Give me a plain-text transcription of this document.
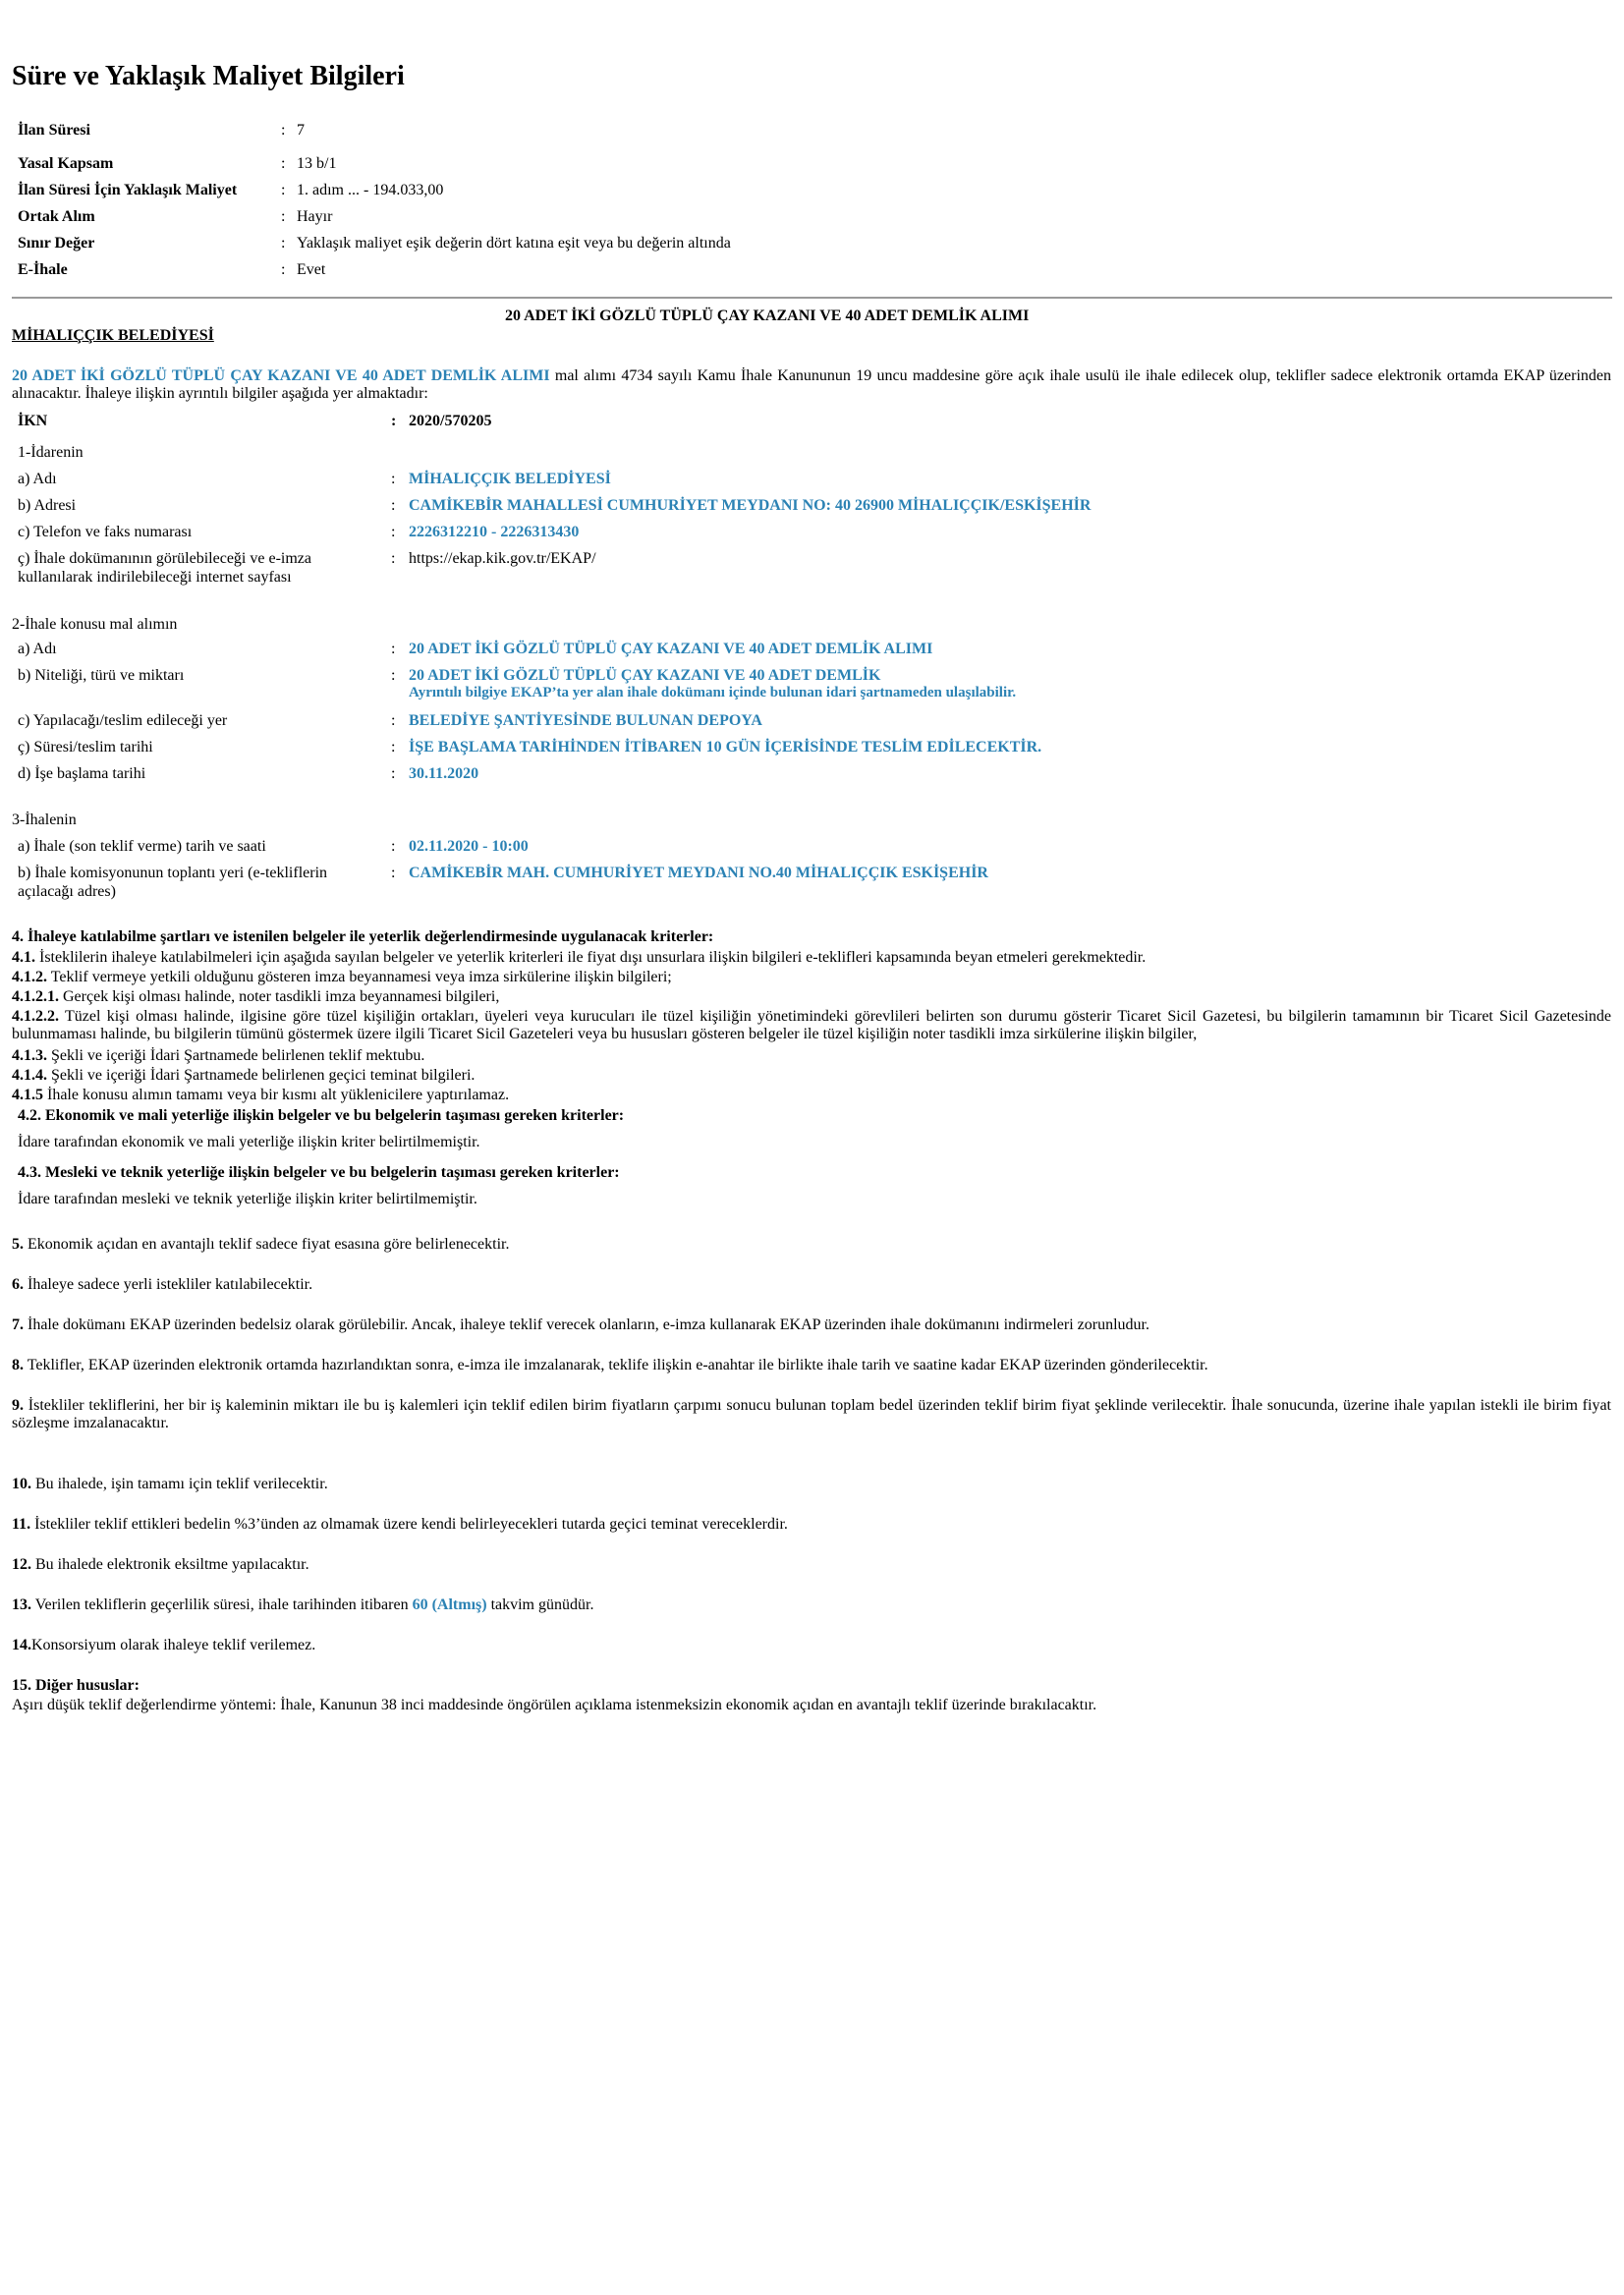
Süre ve Yaklaşık Maliyet Bilgileri
İlan Süresi	: 7
Yasal Kapsam	: 13 b/1
İlan Süresi İçin Yaklaşık Maliyet	: 1. adım ... - 194.033,00
Ortak Alım	: Hayır
Sınır Değer	: Yaklaşık maliyet eşik değerin dört katına eşit veya bu değerin altında
E-İhale	: Evet
20 ADET İKİ GÖZLÜ TÜPLÜ ÇAY KAZANI VE 40 ADET DEMLİK ALIMI
MİHALIÇÇIK BELEDİYESİ
20 ADET İKİ GÖZLÜ TÜPLÜ ÇAY KAZANI VE 40 ADET DEMLİK ALIMI mal alımı 4734 sayılı Kamu İhale Kanununun 19 uncu maddesine göre açık ihale usulü ile ihale edilecek olup, teklifler sadece elektronik ortamda EKAP üzerinden alınacaktır. İhaleye ilişkin ayrıntılı bilgiler aşağıda yer almaktadır:
İKN	: 2020/570205
1-İdarenin
a) Adı	: MİHALIÇÇIK BELEDİYESİ
b) Adresi	: CAMİKEBİR MAHALLESİ CUMHURİYET MEYDANI NO: 40 26900 MİHALIÇÇIK/ESKİŞEHİR
c) Telefon ve faks numarası	: 2226312210 - 2226313430
ç) İhale dokümanının görülebileceği ve e-imza
kullanılarak indirilebileceği internet sayfası
: https://ekap.kik.gov.tr/EKAP/
2-İhale konusu mal alımın
a) Adı	: 20 ADET İKİ GÖZLÜ TÜPLÜ ÇAY KAZANI VE 40 ADET DEMLİK ALIMI
b) Niteliği, türü ve miktarı	: 20 ADET İKİ GÖZLÜ TÜPLÜ ÇAY KAZANI VE 40 ADET DEMLİK
Ayrıntılı bilgiye EKAP’ta yer alan ihale dokümanı içinde bulunan idari şartnameden ulaşılabilir.
c) Yapılacağı/teslim edileceği yer	: BELEDİYE ŞANTİYESİNDE BULUNAN DEPOYA
ç) Süresi/teslim tarihi	: İŞE BAŞLAMA TARİHİNDEN İTİBAREN 10 GÜN İÇERİSİNDE TESLİM EDİLECEKTİR.
d) İşe başlama tarihi	: 30.11.2020
3-İhalenin
a) İhale (son teklif verme) tarih ve saati	: 02.11.2020 - 10:00
b) İhale komisyonunun toplantı yeri (e-tekliflerin
açılacağı adres)
: CAMİKEBİR MAH. CUMHURİYET MEYDANI NO.40 MİHALIÇÇIK ESKİŞEHİR
4. İhaleye katılabilme şartları ve istenilen belgeler ile yeterlik değerlendirmesinde uygulanacak kriterler:
4.1. İsteklilerin ihaleye katılabilmeleri için aşağıda sayılan belgeler ve yeterlik kriterleri ile fiyat dışı unsurlara ilişkin bilgileri e-teklifleri kapsamında beyan etmeleri gerekmektedir.
4.1.2. Teklif vermeye yetkili olduğunu gösteren imza beyannamesi veya imza sirkülerine ilişkin bilgileri;
4.1.2.1. Gerçek kişi olması halinde, noter tasdikli imza beyannamesi bilgileri,
4.1.2.2. Tüzel kişi olması halinde, ilgisine göre tüzel kişiliğin ortakları, üyeleri veya kurucuları ile tüzel kişiliğin yönetimindeki görevlileri belirten son durumu gösterir Ticaret Sicil Gazetesi, bu bilgilerin tamamının bir Ticaret Sicil Gazetesinde bulunmaması halinde, bu bilgilerin tümünü göstermek üzere ilgili Ticaret Sicil Gazeteleri veya bu hususları gösteren belgeler ile tüzel kişiliğin noter tasdikli imza sirkülerine ilişkin bilgiler,
4.1.3. Şekli ve içeriği İdari Şartnamede belirlenen teklif mektubu.
4.1.4. Şekli ve içeriği İdari Şartnamede belirlenen geçici teminat bilgileri.
4.1.5 İhale konusu alımın tamamı veya bir kısmı alt yüklenicilere yaptırılamaz.
4.2. Ekonomik ve mali yeterliğe ilişkin belgeler ve bu belgelerin taşıması gereken kriterler:
İdare tarafından ekonomik ve mali yeterliğe ilişkin kriter belirtilmemiştir.
4.3. Mesleki ve teknik yeterliğe ilişkin belgeler ve bu belgelerin taşıması gereken kriterler:
İdare tarafından mesleki ve teknik yeterliğe ilişkin kriter belirtilmemiştir.
5. Ekonomik açıdan en avantajlı teklif sadece fiyat esasına göre belirlenecektir.
6. İhaleye sadece yerli istekliler katılabilecektir.
7. İhale dokümanı EKAP üzerinden bedelsiz olarak görülebilir. Ancak, ihaleye teklif verecek olanların, e-imza kullanarak EKAP üzerinden ihale dokümanını indirmeleri zorunludur.
8. Teklifler, EKAP üzerinden elektronik ortamda hazırlandıktan sonra, e-imza ile imzalanarak, teklife ilişkin e-anahtar ile birlikte ihale tarih ve saatine kadar EKAP üzerinden gönderilecektir.
9. İstekliler tekliflerini, her bir iş kaleminin miktarı ile bu iş kalemleri için teklif edilen birim fiyatların çarpımı sonucu bulunan toplam bedel üzerinden teklif birim fiyat şeklinde verilecektir. İhale sonucunda, üzerine ihale yapılan istekli ile birim fiyat sözleşme imzalanacaktır.
10. Bu ihalede, işin tamamı için teklif verilecektir.
11. İstekliler teklif ettikleri bedelin %3’ünden az olmamak üzere kendi belirleyecekleri tutarda geçici teminat vereceklerdir.
12. Bu ihalede elektronik eksiltme yapılacaktır.
13. Verilen tekliflerin geçerlilik süresi, ihale tarihinden itibaren 60 (Altmış) takvim günüdür.
14.Konsorsiyum olarak ihaleye teklif verilemez.
15. Diğer hususlar:
Aşırı düşük teklif değerlendirme yöntemi: İhale, Kanunun 38 inci maddesinde öngörülen açıklama istenmeksizin ekonomik açıdan en avantajlı teklif üzerinde bırakılacaktır.
